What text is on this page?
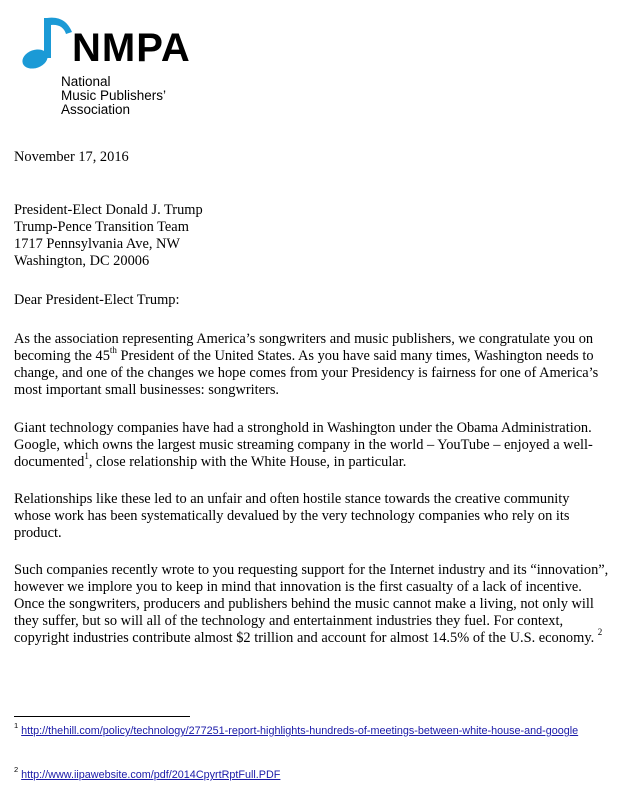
NMPA
National
Music Publishers’
Association
November 17, 2016
President-Elect Donald J. Trump
Trump-Pence Transition Team
1717 Pennsylvania Ave, NW
Washington, DC 20006
Dear President-Elect Trump:

As the association representing America’s songwriters and music publishers, we congratulate you on becoming the 45th President of the United States. As you have said many times, Washington needs to change, and one of the changes we hope comes from your Presidency is fairness for one of America’s most important small businesses: songwriters.

Giant technology companies have had a stronghold in Washington under the Obama Administration. Google, which owns the largest music streaming company in the world – YouTube – enjoyed a well-documented$^1$, close relationship with the White House, in particular.

Relationships like these led to an unfair and often hostile stance towards the creative community whose work has been systematically devalued by the very technology companies who rely on its product.

Such companies recently wrote to you requesting support for the Internet industry and its “innovation”, however we implore you to keep in mind that innovation is the first casualty of a lack of incentive. Once the songwriters, producers and publishers behind the music cannot make a living, not only will they suffer, but so will all of the technology and entertainment industries they fuel. For context, copyright industries contribute almost $2 trillion and account for almost 14.5% of the U.S. economy. $^2$

$^1$ http://thehill.com/policy/technology/277251-report-highlights-hundreds-of-meetings-between-white-house-and-google
$^2$ http://www.iipawebsite.com/pdf/2014CpyrtRptFull.PDF
